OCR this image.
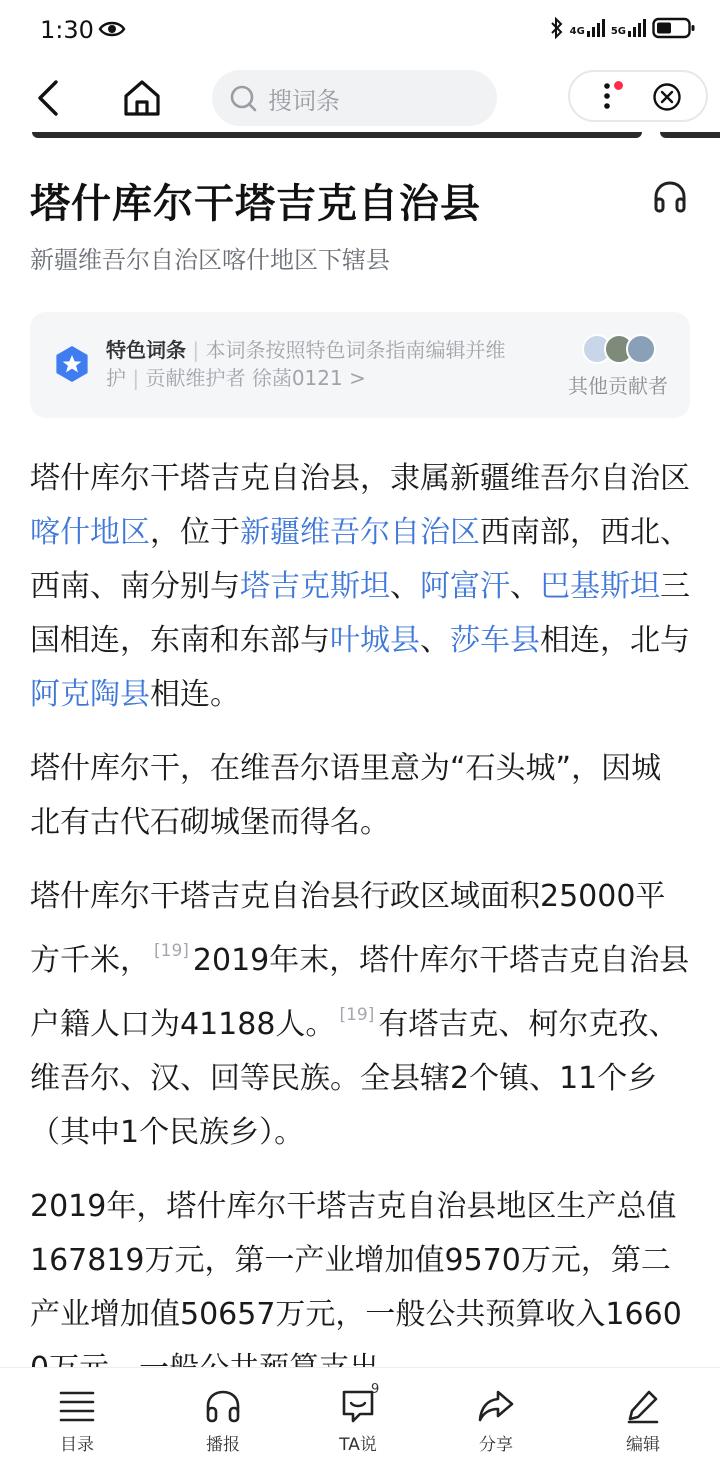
1:30	4G	5G
搜词条
塔什库尔干塔吉克自治县
新疆维吾尔自治区喀什地区下辖县
特色词条 | 本词条按照特色词条指南编辑并维护 | 贡献维护者 徐菡0121 >	其他贡献者

塔什库尔干塔吉克自治县，隶属新疆维吾尔自治区喀什地区，位于新疆维吾尔自治区西南部，西北、西南、南分别与塔吉克斯坦、阿富汗、巴基斯坦三国相连，东南和东部与叶城县、莎车县相连，北与阿克陶县相连。

塔什库尔干，在维吾尔语里意为“石头城”，因城北有古代石砌城堡而得名。

塔什库尔干塔吉克自治县行政区域面积25000平方千米， [19] 2019年末，塔什库尔干塔吉克自治县户籍人口为41188人。 [19] 有塔吉克、柯尔克孜、维吾尔、汉、回等民族。全县辖2个镇、11个乡（其中1个民族乡）。

2019年，塔什库尔干塔吉克自治县地区生产总值167819万元，第一产业增加值9570万元，第二产业增加值50657万元，一般公共预算收入1660

目录	播报
9
TA说	分享	编辑
